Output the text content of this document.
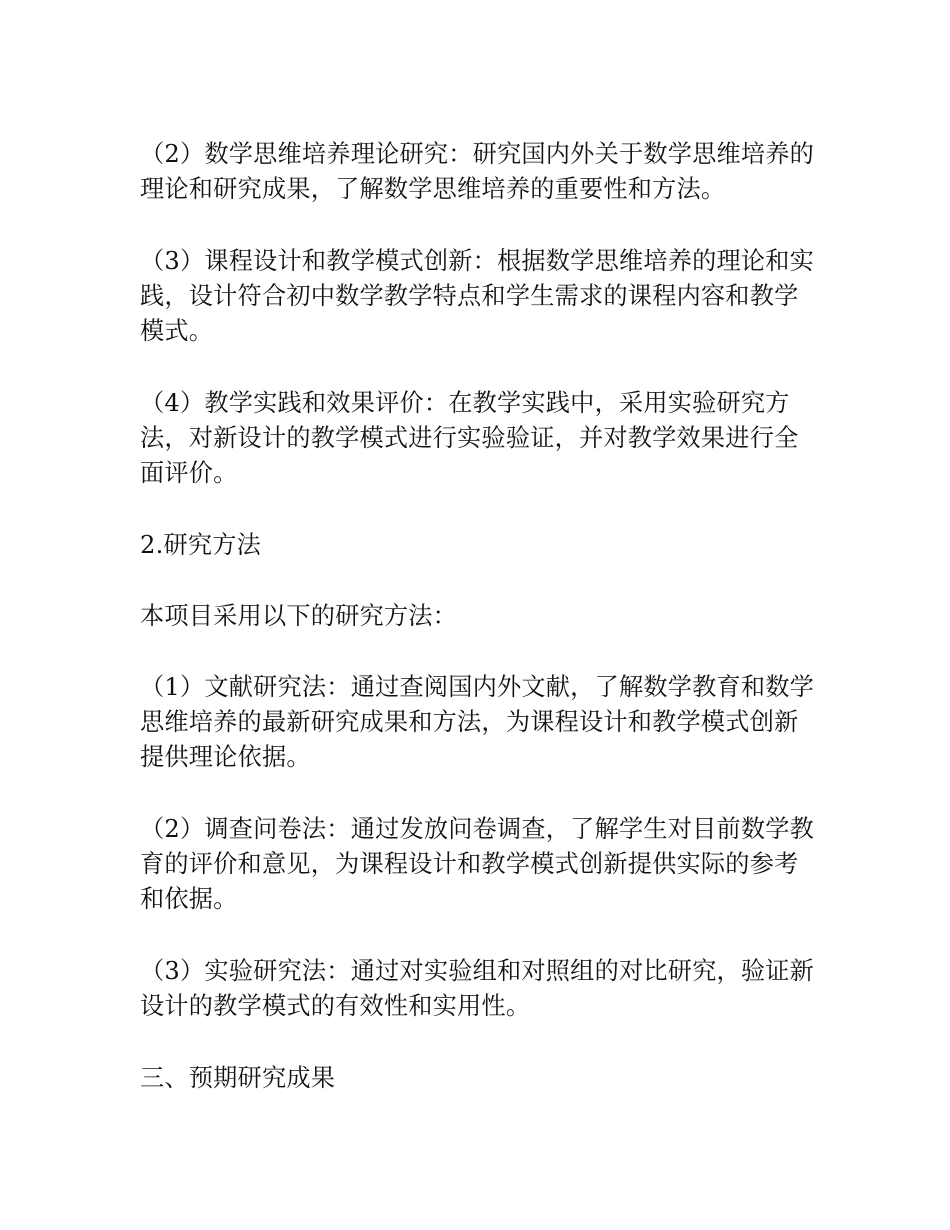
（2）数学思维培养理论研究：研究国内外关于数学思维培养的理论和研究成果，了解数学思维培养的重要性和方法。

（3）课程设计和教学模式创新：根据数学思维培养的理论和实践，设计符合初中数学教学特点和学生需求的课程内容和教学模式。

（4）教学实践和效果评价：在教学实践中，采用实验研究方法，对新设计的教学模式进行实验验证，并对教学效果进行全面评价。

2.研究方法

本项目采用以下的研究方法：

（1）文献研究法：通过查阅国内外文献，了解数学教育和数学思维培养的最新研究成果和方法，为课程设计和教学模式创新提供理论依据。

（2）调查问卷法：通过发放问卷调查，了解学生对目前数学教育的评价和意见，为课程设计和教学模式创新提供实际的参考和依据。

（3）实验研究法：通过对实验组和对照组的对比研究，验证新设计的教学模式的有效性和实用性。

三、预期研究成果
